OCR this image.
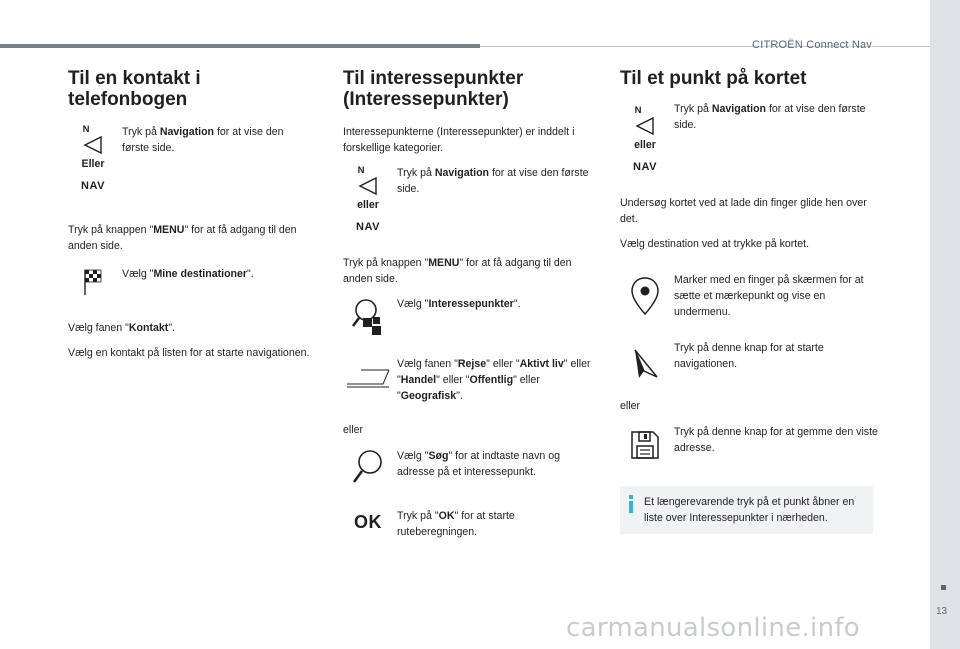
CITROËN Connect Nav
13
carmanualsonline.info
Til en kontakt i telefonbogen
N
Eller
NAV
Tryk på Navigation for at vise den første side.

Tryk på knappen "MENU" for at få adgang til den anden side.

Vælg "Mine destinationer".

Vælg fanen "Kontakt".

Vælg en kontakt på listen for at starte navigationen.

Til interessepunkter (Interessepunkter)

Interessepunkterne (Interessepunkter) er inddelt i forskellige kategorier.

N
eller
NAV
Tryk på Navigation for at vise den første side.

Tryk på knappen "MENU" for at få adgang til den anden side.

Vælg "Interessepunkter".
Vælg fanen "Rejse" eller "Aktivt liv" eller "Handel" eller "Offentlig" eller "Geografisk".

eller

Vælg "Søg" for at indtaste navn og adresse på et interessepunkt.
OK	Tryk på "OK" for at starte ruteberegningen.
Til et punkt på kortet
N
eller
NAV
Tryk på Navigation for at vise den første side.

Undersøg kortet ved at lade din finger glide hen over det.

Vælg destination ved at trykke på kortet.

Marker med en finger på skærmen for at sætte et mærkepunkt og vise en undermenu.
Tryk på denne knap for at starte navigationen.

eller

Tryk på denne knap for at gemme den viste adresse.
Et længerevarende tryk på et punkt åbner en liste over Interessepunkter i nærheden.
